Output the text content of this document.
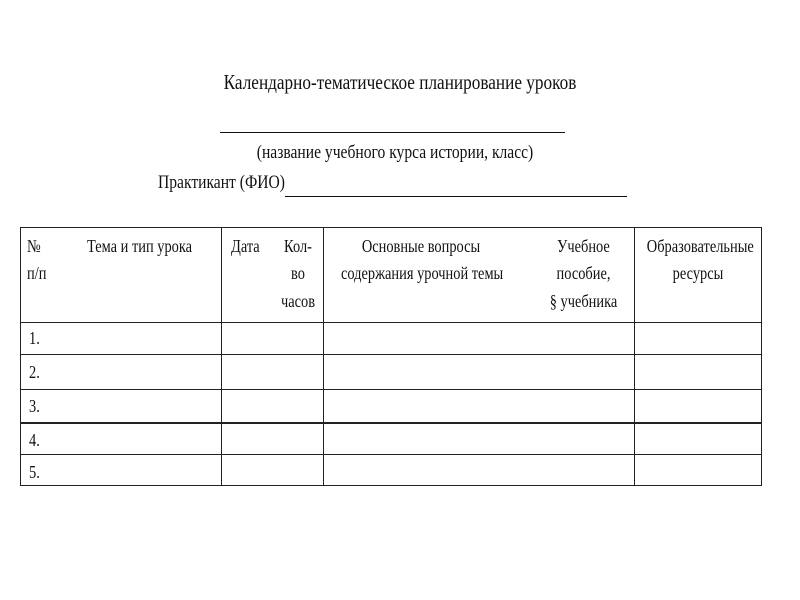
Календарно-тематическое планирование уроков
(название учебного курса истории, класс)
Практикант (ФИО)
№
п/п
Тема и тип урока Дата	Кол-
во
часов
Основные вопросы
содержания урочной темы
Учебное
пособие,
§ учебника
Образовательные
ресурсы
1.
2.
3.
4.
5.
